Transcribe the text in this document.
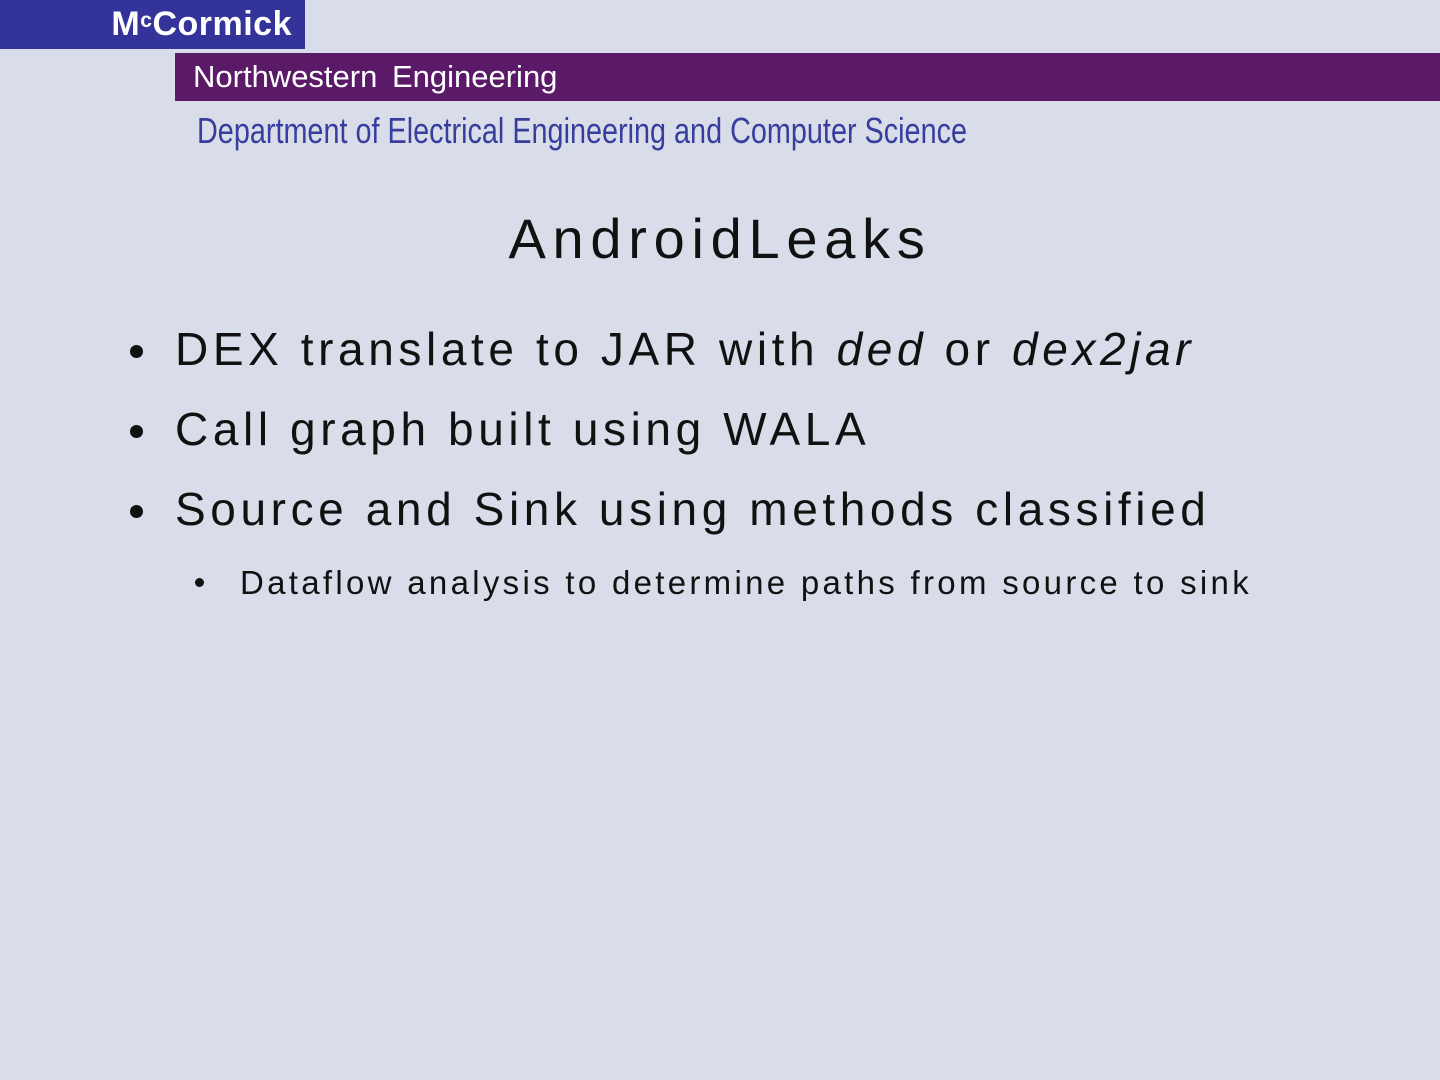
$M^cCormick$
Northwestern Engineering
Department of Electrical Engineering and Computer Science
AndroidLeaks
DEX translate to JAR with ded or dex2jar
Call graph built using WALA
Source and Sink using methods classified
Dataflow analysis to determine paths from source to sink
